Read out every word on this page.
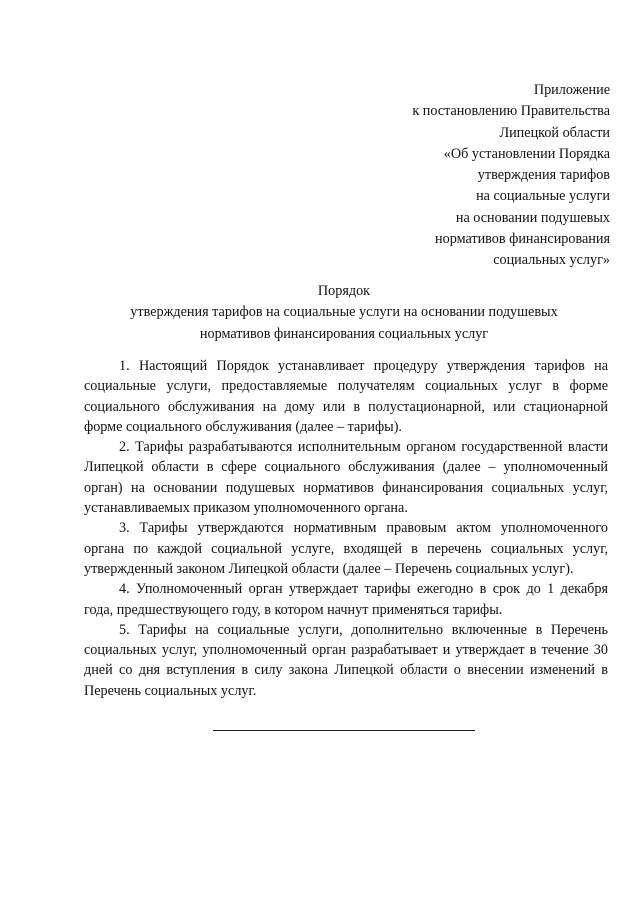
Приложение
к постановлению Правительства
Липецкой области
«Об установлении Порядка
утверждения тарифов
на социальные услуги
на основании подушевых
нормативов финансирования
социальных услуг»
Порядок
утверждения тарифов на социальные услуги на основании подушевых
нормативов финансирования социальных услуг

1. Настоящий Порядок устанавливает процедуру утверждения тарифов на социальные услуги, предоставляемые получателям социальных услуг в форме социального обслуживания на дому или в полустационарной, или стационарной форме социального обслуживания (далее – тарифы).

2. Тарифы разрабатываются исполнительным органом государственной власти Липецкой области в сфере социального обслуживания (далее – уполномоченный орган) на основании подушевых нормативов финансирования социальных услуг, устанавливаемых приказом уполномоченного органа.

3. Тарифы утверждаются нормативным правовым актом уполномоченного органа по каждой социальной услуге, входящей в перечень социальных услуг, утвержденный законом Липецкой области (далее – Перечень социальных услуг).

4. Уполномоченный орган утверждает тарифы ежегодно в срок до 1 декабря года, предшествующего году, в котором начнут применяться тарифы.

5. Тарифы на социальные услуги, дополнительно включенные в Перечень социальных услуг, уполномоченный орган разрабатывает и утверждает в течение 30 дней со дня вступления в силу закона Липецкой области о внесении изменений в Перечень социальных услуг.
